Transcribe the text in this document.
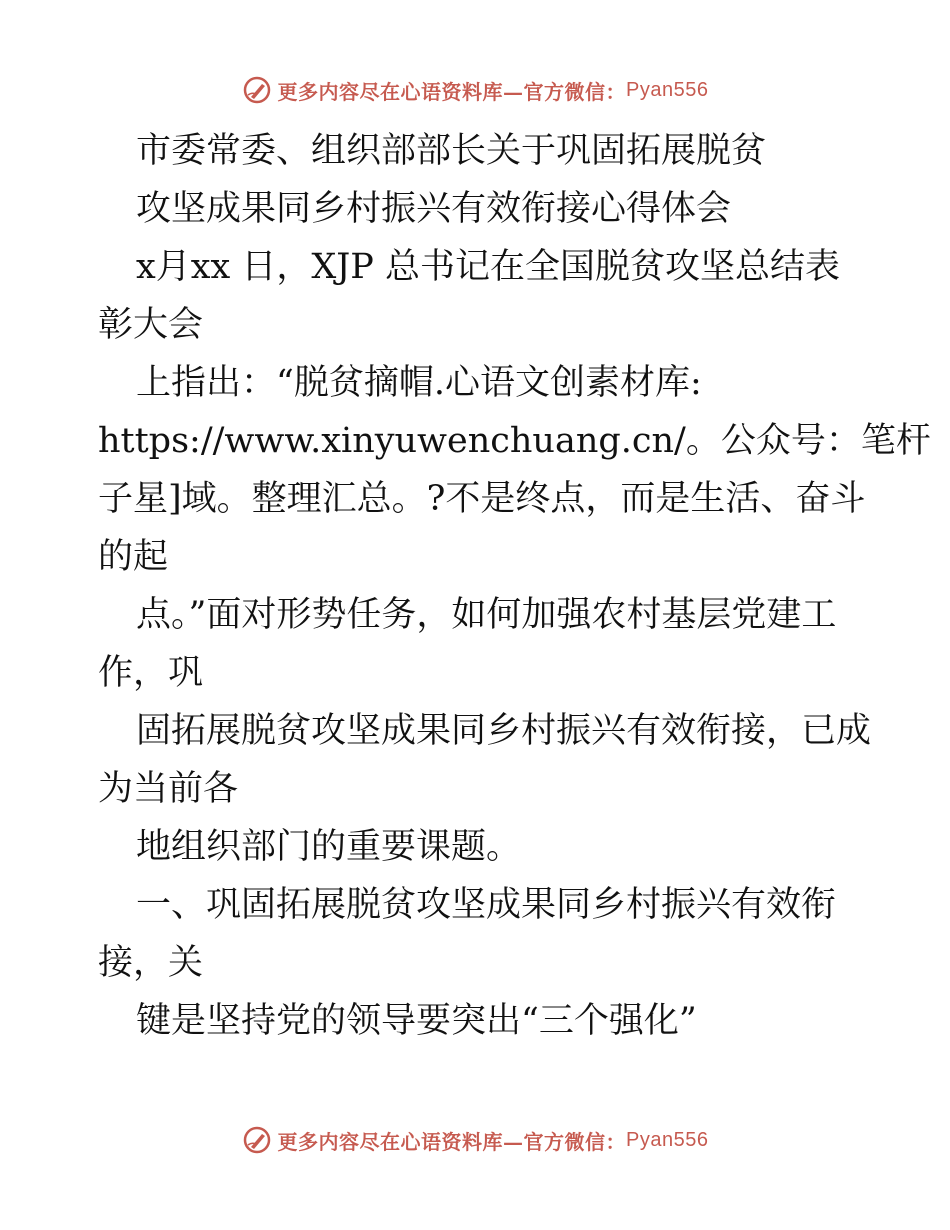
更多内容尽在心语资料库—官方微信： Pyan556
市委常委、组织部部长关于巩固拓展脱贫
攻坚成果同乡村振兴有效衔接心得体会
x月xx 日，XJP 总书记在全国脱贫攻坚总结表
彰大会
上指出：“脱贫摘帽.心语文创素材库:
https://www.xinyuwenchuang.cn/。公众号：笔杆
子星]域。整理汇总。?不是终点，而是生活、奋斗
的起
点。”面对形势任务，如何加强农村基层党建工
作，巩
固拓展脱贫攻坚成果同乡村振兴有效衔接，已成
为当前各
地组织部门的重要课题。
一、巩固拓展脱贫攻坚成果同乡村振兴有效衔
接，关
键是坚持党的领导要突出“三个强化”
更多内容尽在心语资料库—官方微信： Pyan556
